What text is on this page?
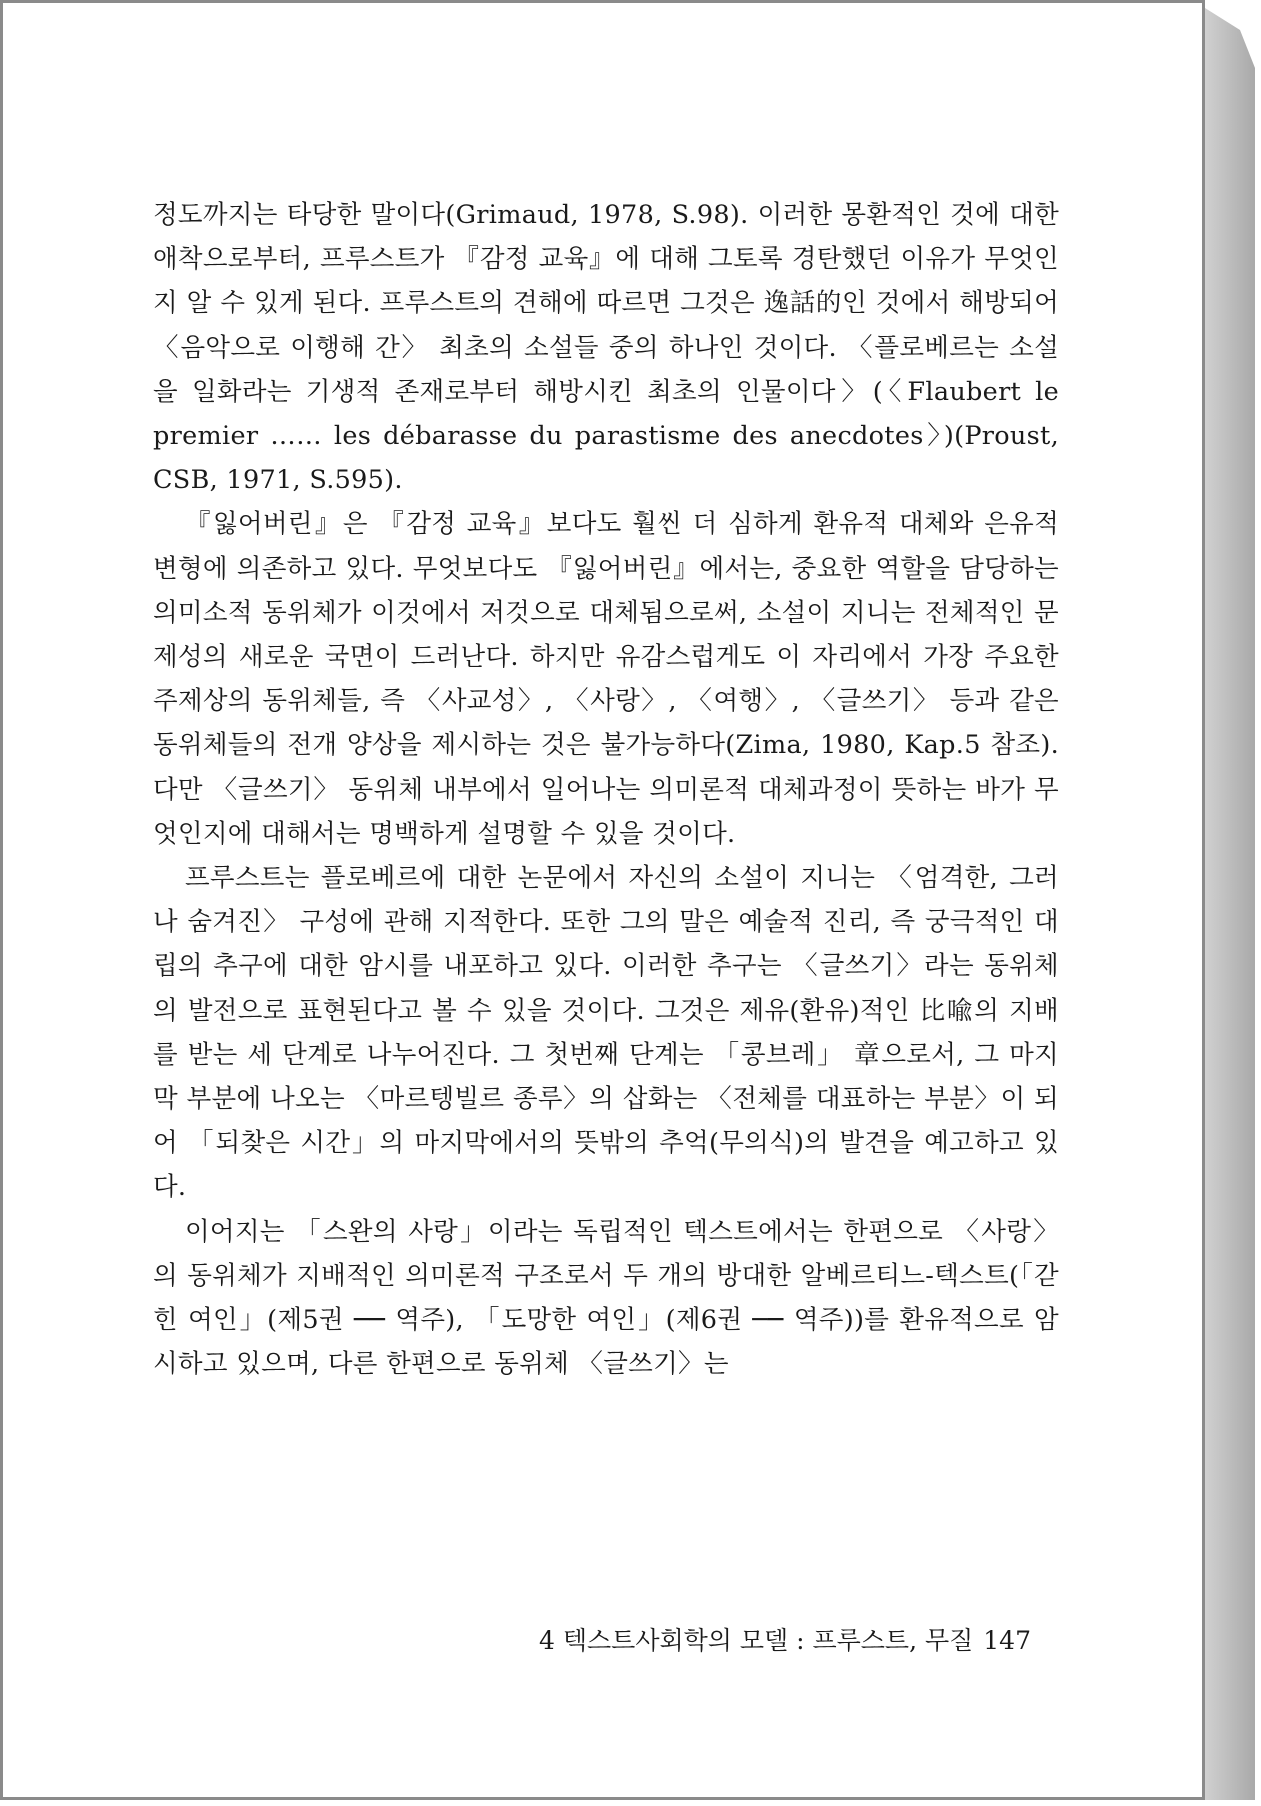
정도까지는 타당한 말이다(Grimaud, 1978, S.98). 이러한 몽환적인 것에 대한 애착으로부터, 프루스트가 『감정 교육』에 대해 그토록 경탄했던 이유가 무엇인지 알 수 있게 된다. 프루스트의 견해에 따르면 그것은 逸話的인 것에서 해방되어 〈음악으로 이행해 간〉 최초의 소설들 중의 하나인 것이다. 〈플로베르는 소설을 일화라는 기생적 존재로부터 해방시킨 최초의 인물이다〉(〈Flaubert le premier …… les débarasse du parastisme des anecdotes〉)(Proust, CSB, 1971, S.595).

『잃어버린』은 『감정 교육』보다도 훨씬 더 심하게 환유적 대체와 은유적 변형에 의존하고 있다. 무엇보다도 『잃어버린』에서는, 중요한 역할을 담당하는 의미소적 동위체가 이것에서 저것으로 대체됨으로써, 소설이 지니는 전체적인 문제성의 새로운 국면이 드러난다. 하지만 유감스럽게도 이 자리에서 가장 주요한 주제상의 동위체들, 즉 〈사교성〉, 〈사랑〉, 〈여행〉, 〈글쓰기〉 등과 같은 동위체들의 전개 양상을 제시하는 것은 불가능하다(Zima, 1980, Kap.5 참조). 다만 〈글쓰기〉 동위체 내부에서 일어나는 의미론적 대체과정이 뜻하는 바가 무엇인지에 대해서는 명백하게 설명할 수 있을 것이다.

프루스트는 플로베르에 대한 논문에서 자신의 소설이 지니는 〈엄격한, 그러나 숨겨진〉 구성에 관해 지적한다. 또한 그의 말은 예술적 진리, 즉 궁극적인 대립의 추구에 대한 암시를 내포하고 있다. 이러한 추구는 〈글쓰기〉라는 동위체의 발전으로 표현된다고 볼 수 있을 것이다. 그것은 제유(환유)적인 比喩의 지배를 받는 세 단계로 나누어진다. 그 첫번째 단계는 「콩브레」 章으로서, 그 마지막 부분에 나오는 〈마르텡빌르 종루〉의 삽화는 〈전체를 대표하는 부분〉이 되어 「되찾은 시간」의 마지막에서의 뜻밖의 추억(무의식)의 발견을 예고하고 있다.

이어지는 「스완의 사랑」이라는 독립적인 텍스트에서는 한편으로 〈사랑〉의 동위체가 지배적인 의미론적 구조로서 두 개의 방대한 알베르티느-텍스트(「갇힌 여인」(제5권 ── 역주), 「도망한 여인」(제6권 ── 역주))를 환유적으로 암시하고 있으며, 다른 한편으로 동위체 〈글쓰기〉는

4 텍스트사회학의 모델 : 프루스트, 무질 147
